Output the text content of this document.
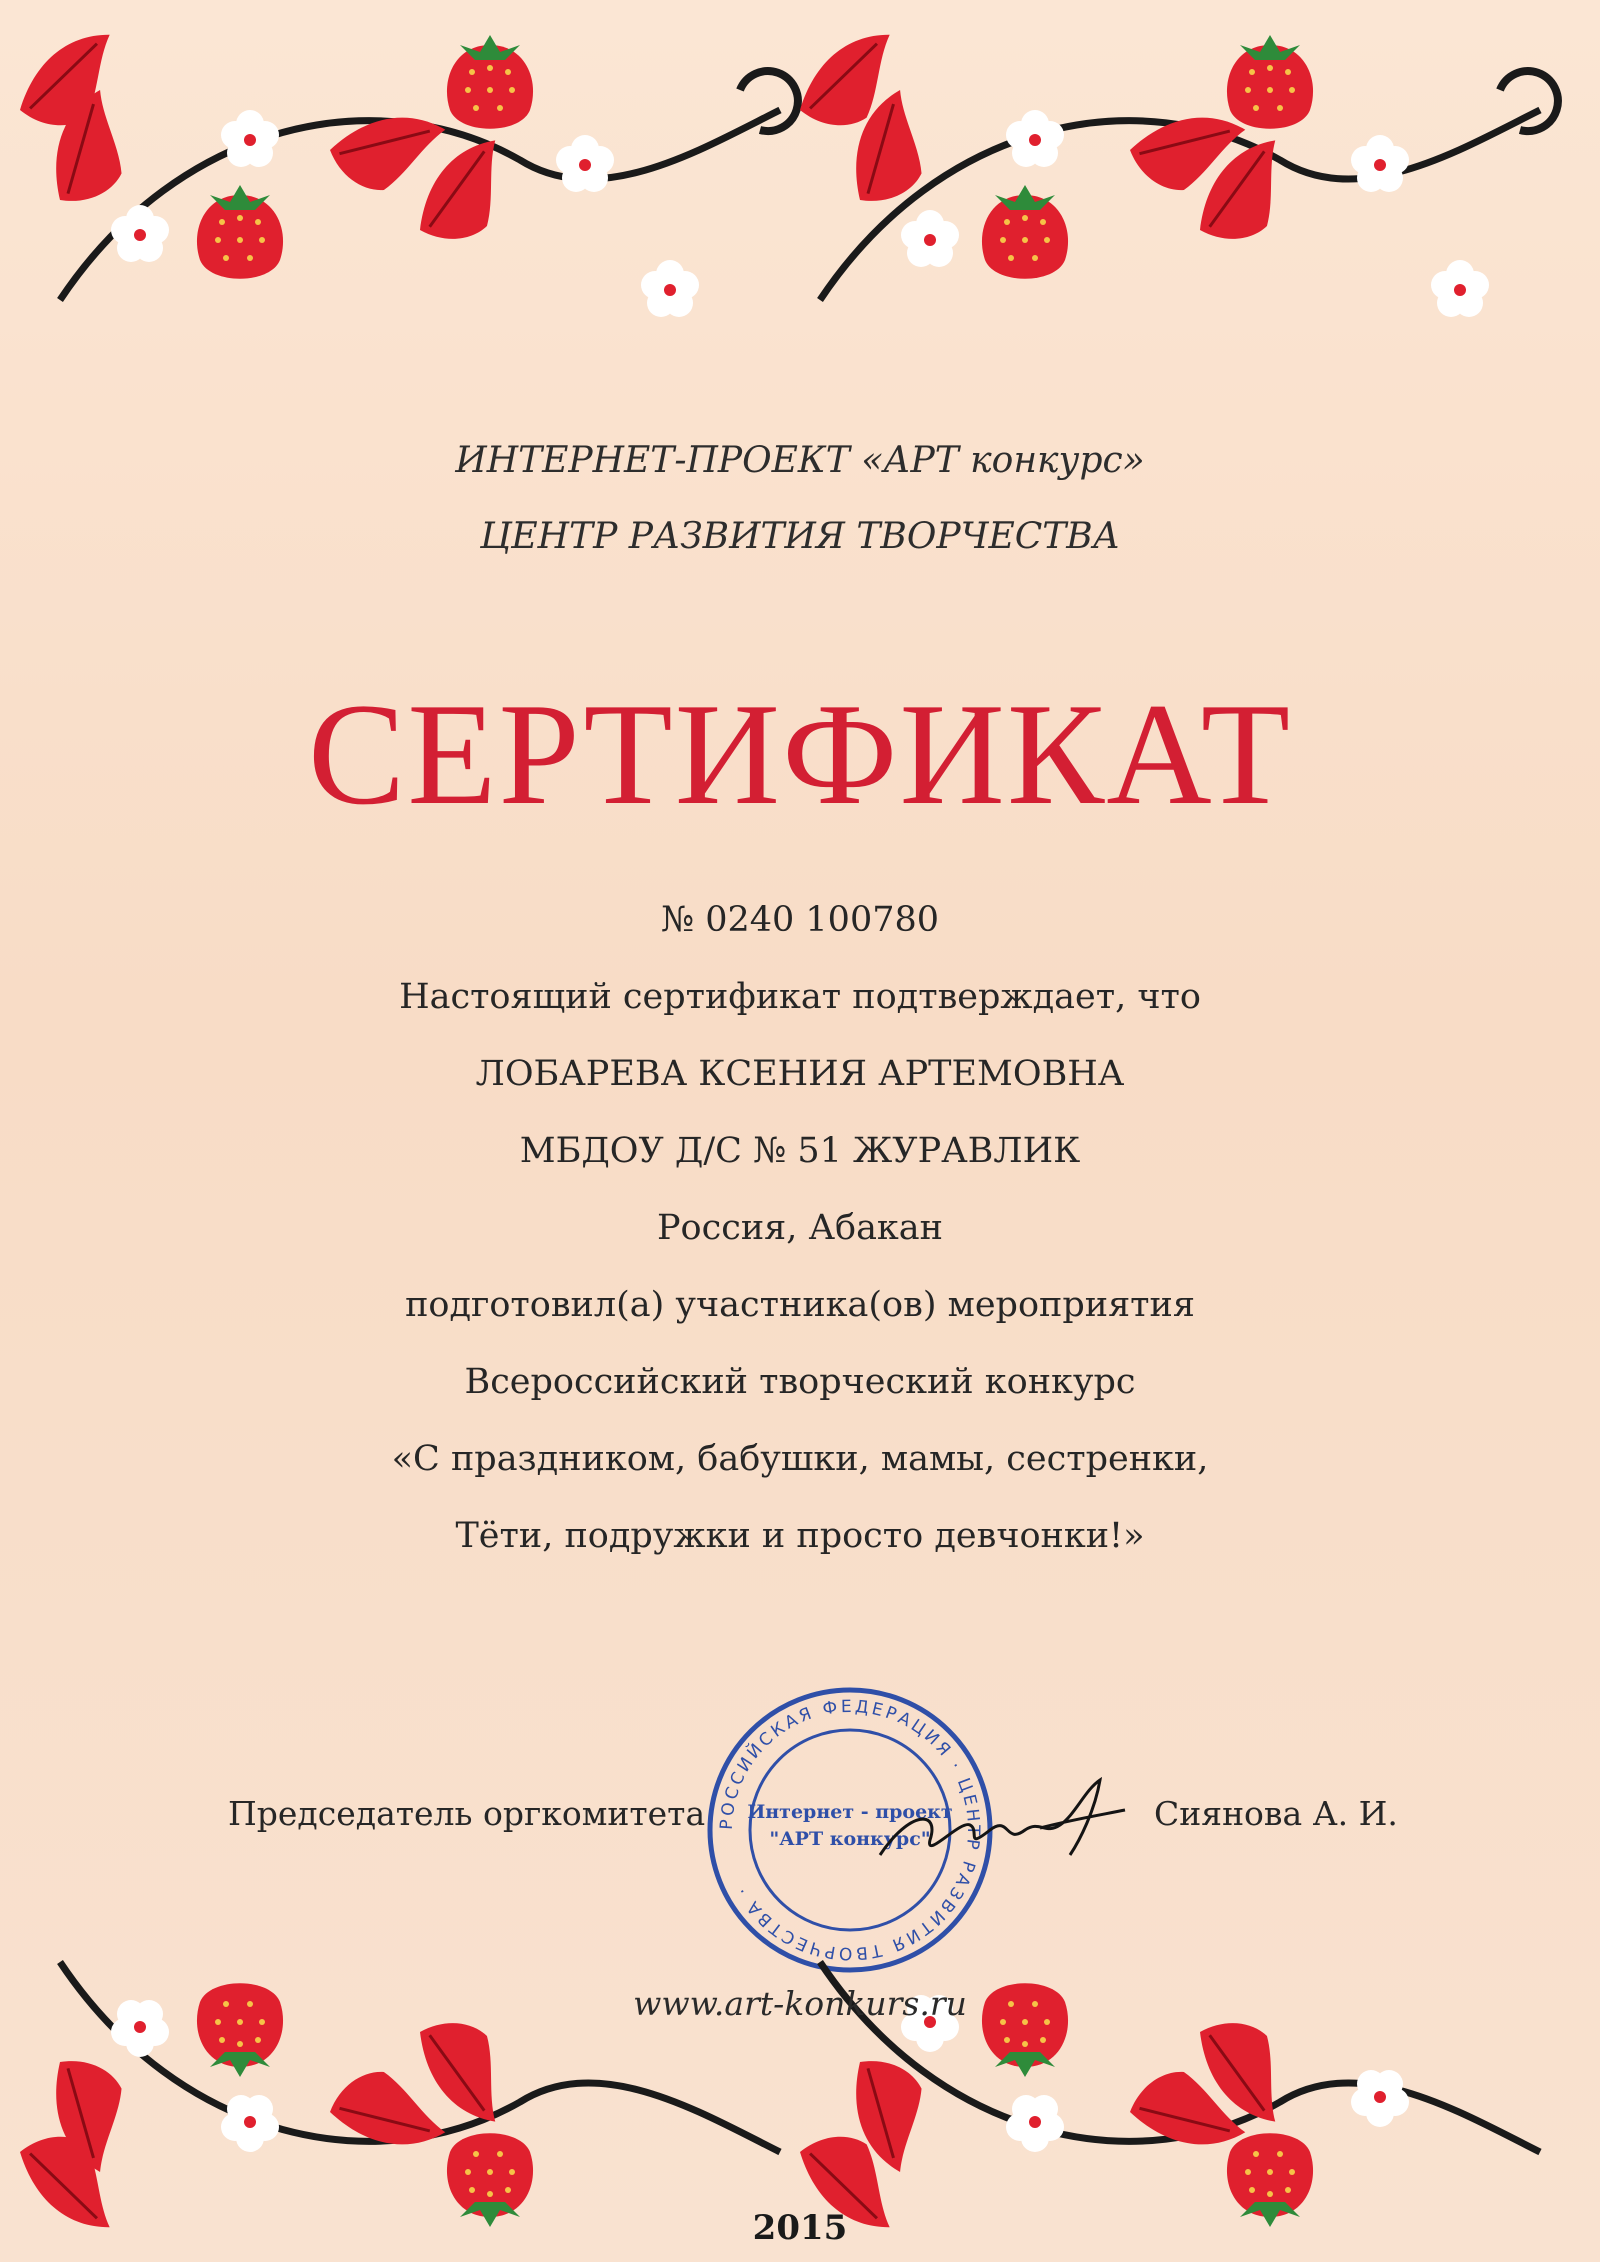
ИНТЕРНЕТ-ПРОЕКТ «АРТ конкурс»
ЦЕНТР РАЗВИТИЯ ТВОРЧЕСТВА
СЕРТИФИКАТ
№ 0240 100780
Настоящий сертификат подтверждает, что
ЛОБАРЕВА КСЕНИЯ АРТЕМОВНА
МБДОУ Д/С № 51 ЖУРАВЛИК
Россия, Абакан
подготовил(а) участника(ов) мероприятия
Всероссийский творческий конкурс
«С праздником, бабушки, мамы, сестренки,
Тёти, подружки и просто девчонки!»
Председатель оргкомитета РОССИЙСКАЯ ФЕДЕРАЦИЯ · ЦЕНТР РАЗВИТИЯ ТВОРЧЕСТВА ·
Интернет - проект
"АРТ конкурс"
Сиянова А. И.
www.art-konkurs.ru
2015
